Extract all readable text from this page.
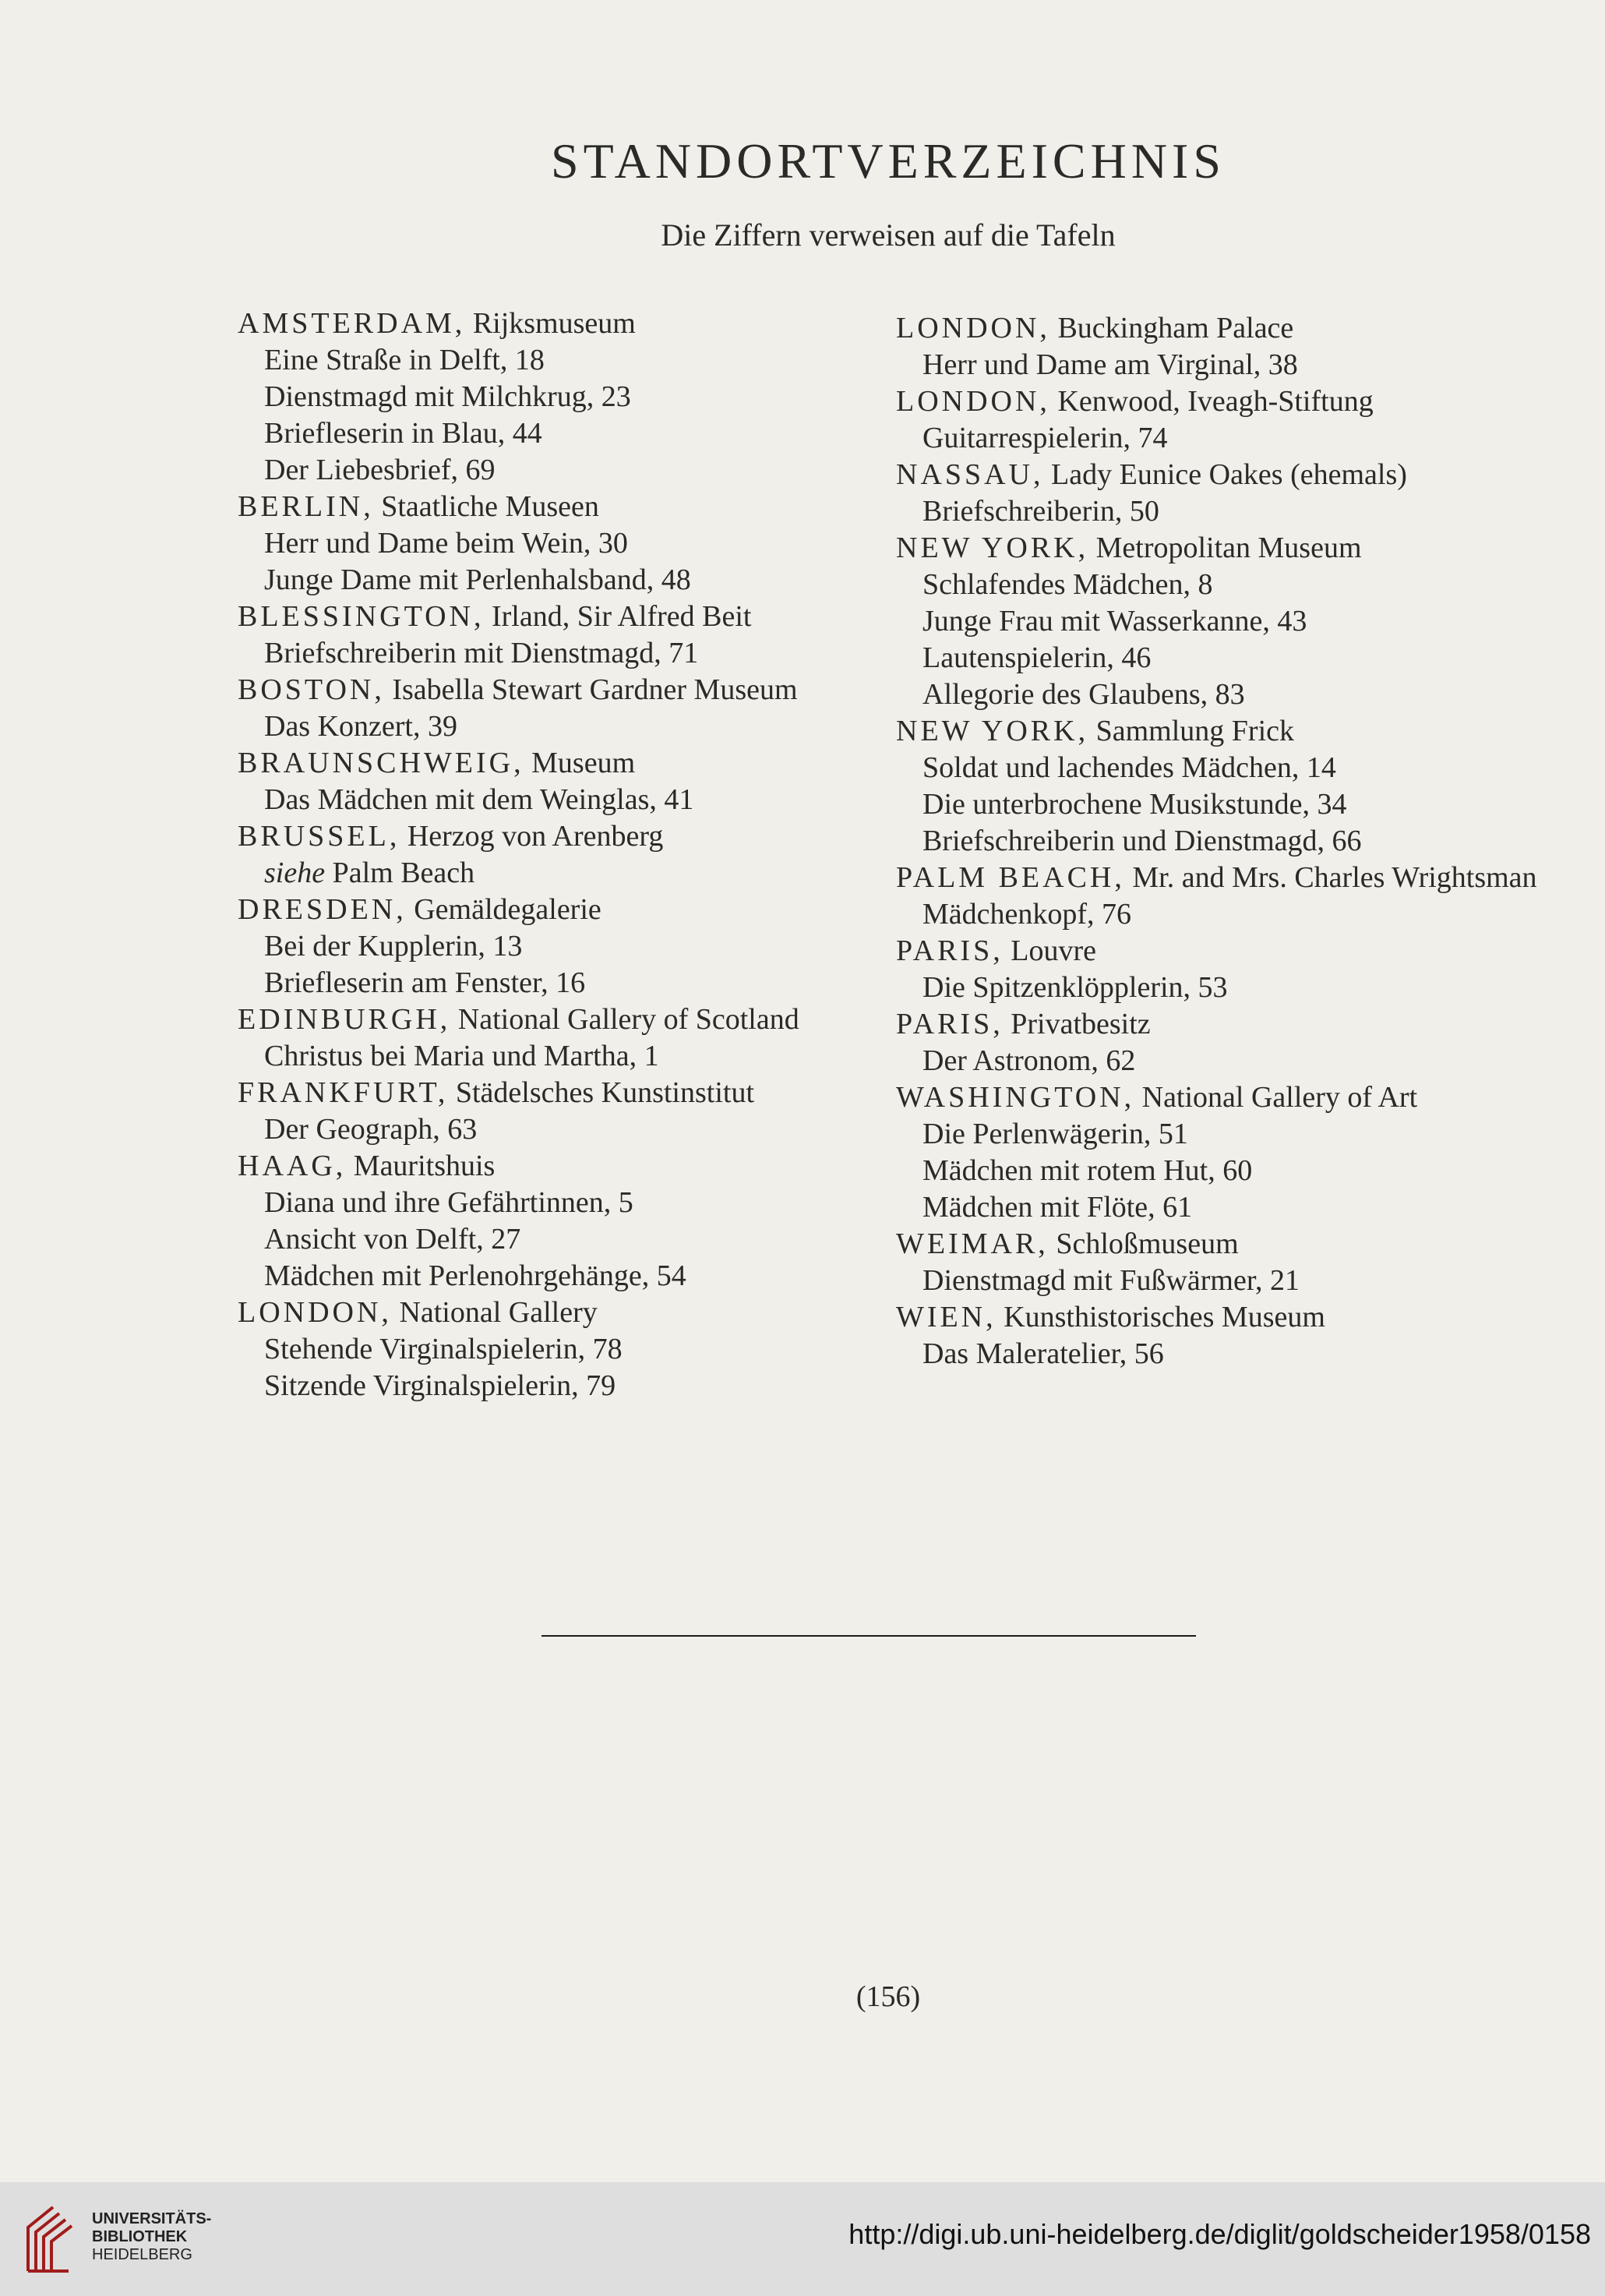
STANDORTVERZEICHNIS
Die Ziffern verweisen auf die Tafeln
AMSTERDAM, Rijksmuseum
Eine Straße in Delft, 18
Dienstmagd mit Milchkrug, 23
Briefleserin in Blau, 44
Der Liebesbrief, 69
BERLIN, Staatliche Museen
Herr und Dame beim Wein, 30
Junge Dame mit Perlenhalsband, 48
BLESSINGTON, Irland, Sir Alfred Beit
Briefschreiberin mit Dienstmagd, 71
BOSTON, Isabella Stewart Gardner Museum
Das Konzert, 39
BRAUNSCHWEIG, Museum
Das Mädchen mit dem Weinglas, 41
BRUSSEL, Herzog von Arenberg
siehe Palm Beach
DRESDEN, Gemäldegalerie
Bei der Kupplerin, 13
Briefleserin am Fenster, 16
EDINBURGH, National Gallery of Scotland
Christus bei Maria und Martha, 1
FRANKFURT, Städelsches Kunstinstitut
Der Geograph, 63
HAAG, Mauritshuis
Diana und ihre Gefährtinnen, 5
Ansicht von Delft, 27
Mädchen mit Perlenohrgehänge, 54
LONDON, National Gallery
Stehende Virginalspielerin, 78
Sitzende Virginalspielerin, 79
LONDON, Buckingham Palace
Herr und Dame am Virginal, 38
LONDON, Kenwood, Iveagh-Stiftung
Guitarrespielerin, 74
NASSAU, Lady Eunice Oakes (ehemals)
Briefschreiberin, 50
NEW YORK, Metropolitan Museum
Schlafendes Mädchen, 8
Junge Frau mit Wasserkanne, 43
Lautenspielerin, 46
Allegorie des Glaubens, 83
NEW YORK, Sammlung Frick
Soldat und lachendes Mädchen, 14
Die unterbrochene Musikstunde, 34
Briefschreiberin und Dienstmagd, 66
PALM BEACH, Mr. and Mrs. Charles Wrightsman
Mädchenkopf, 76
PARIS, Louvre
Die Spitzenklöpplerin, 53
PARIS, Privatbesitz
Der Astronom, 62
WASHINGTON, National Gallery of Art
Die Perlenwägerin, 51
Mädchen mit rotem Hut, 60
Mädchen mit Flöte, 61
WEIMAR, Schloßmuseum
Dienstmagd mit Fußwärmer, 21
WIEN, Kunsthistorisches Museum
Das Maleratelier, 56
(156)
UNIVERSITÄTS-
BIBLIOTHEK
HEIDELBERG
http://digi.ub.uni-heidelberg.de/diglit/goldscheider1958/0158
